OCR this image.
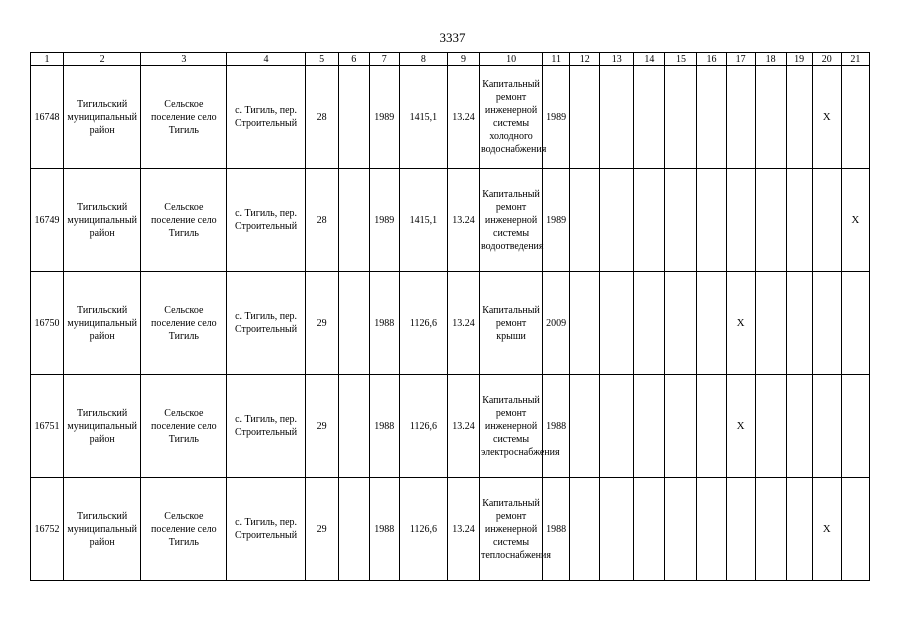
3337
1	2	3	4	5	6	7	8	9	10	11	12	13	14	15	16	17	18	19	20	21
16748	Тигильский муниципальный район	Сельское поселение село Тигиль	с. Тигиль, пер. Строительный	28		1989	1415,1	13.24	Капитальный ремонт инженерной системы холодного водоснабжения	1989									X	
16749	Тигильский муниципальный район	Сельское поселение село Тигиль	с. Тигиль, пер. Строительный	28		1989	1415,1	13.24	Капитальный ремонт инженерной системы водоотведения	1989										X
16750	Тигильский муниципальный район	Сельское поселение село Тигиль	с. Тигиль, пер. Строительный	29		1988	1126,6	13.24	Капитальный ремонт крыши	2009						X				
16751	Тигильский муниципальный район	Сельское поселение село Тигиль	с. Тигиль, пер. Строительный	29		1988	1126,6	13.24	Капитальный ремонт инженерной системы электроснабжения	1988						X				
16752	Тигильский муниципальный район	Сельское поселение село Тигиль	с. Тигиль, пер. Строительный	29		1988	1126,6	13.24	Капитальный ремонт инженерной системы теплоснабжения	1988									X	
